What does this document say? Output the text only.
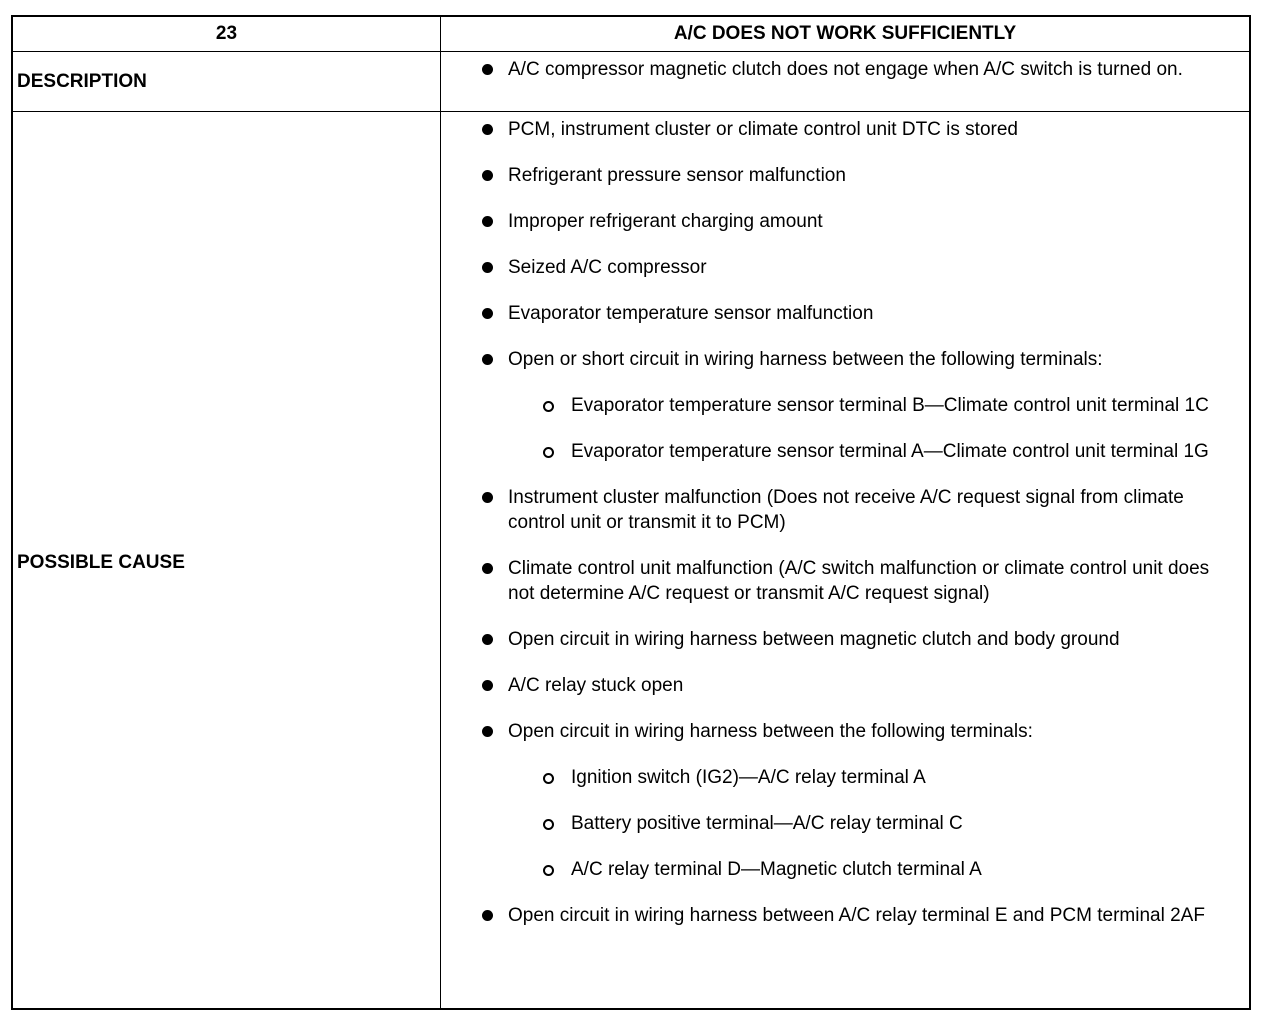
23	A/C DOES NOT WORK SUFFICIENTLY
DESCRIPTION
A/C compressor magnetic clutch does not engage when A/C switch is turned on.
POSSIBLE CAUSE
PCM, instrument cluster or climate control unit DTC is stored
Refrigerant pressure sensor malfunction
Improper refrigerant charging amount
Seized A/C compressor
Evaporator temperature sensor malfunction
Open or short circuit in wiring harness between the following terminals:
Evaporator temperature sensor terminal B—Climate control unit terminal 1C
Evaporator temperature sensor terminal A—Climate control unit terminal 1G
Instrument cluster malfunction (Does not receive A/C request signal from climate control unit or transmit it to PCM)
Climate control unit malfunction (A/C switch malfunction or climate control unit does not determine A/C request or transmit A/C request signal)
Open circuit in wiring harness between magnetic clutch and body ground
A/C relay stuck open
Open circuit in wiring harness between the following terminals:
Ignition switch (IG2)—A/C relay terminal A
Battery positive terminal—A/C relay terminal C
A/C relay terminal D—Magnetic clutch terminal A
Open circuit in wiring harness between A/C relay terminal E and PCM terminal 2AF
